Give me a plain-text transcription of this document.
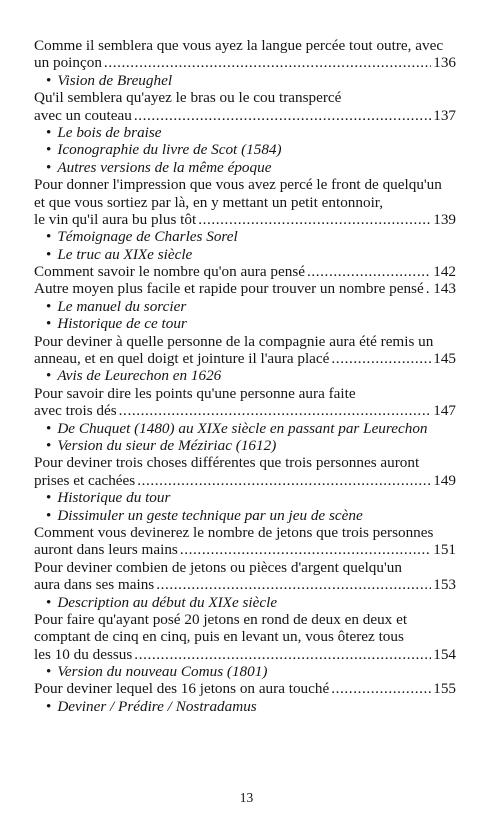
Comme il semblera que vous ayez la langue percée tout outre, avec
un poinçon . . .	136
• Vision de Breughel
Qu'il semblera qu'ayez le bras ou le cou transpercé
avec un couteau . . .	137
• Le bois de braise
• Iconographie du livre de Scot (1584)
• Autres versions de la même époque
Pour donner l'impression que vous avez percé le front de quelqu'un
et que vous sortiez par là, en y mettant un petit entonnoir,
le vin qu'il aura bu plus tôt . . .	139
• Témoignage de Charles Sorel
• Le truc au XIXe siècle
Comment savoir le nombre qu'on aura pensé . . .	142
Autre moyen plus facile et rapide pour trouver un nombre pensé . . . 143
• Le manuel du sorcier
• Historique de ce tour
Pour deviner à quelle personne de la compagnie aura été remis un
anneau, et en quel doigt et jointure il l'aura placé . . .	145
• Avis de Leurechon en 1626
Pour savoir dire les points qu'une personne aura faite
avec trois dés . . .	147
• De Chuquet (1480) au XIXe siècle en passant par Leurechon
• Version du sieur de Méziriac (1612)
Pour deviner trois choses différentes que trois personnes auront
prises et cachées . . .	149
• Historique du tour
• Dissimuler un geste technique par un jeu de scène
Comment vous devinerez le nombre de jetons que trois personnes
auront dans leurs mains . . .	151
Pour deviner combien de jetons ou pièces d'argent quelqu'un
aura dans ses mains . . .	153
• Description au début du XIXe siècle
Pour faire qu'ayant posé 20 jetons en rond de deux en deux et
comptant de cinq en cinq, puis en levant un, vous ôterez tous
les 10 du dessus . . .	154
• Version du nouveau Comus (1801)
Pour deviner lequel des 16 jetons on aura touché . . .	155
• Deviner / Prédire / Nostradamus
13
